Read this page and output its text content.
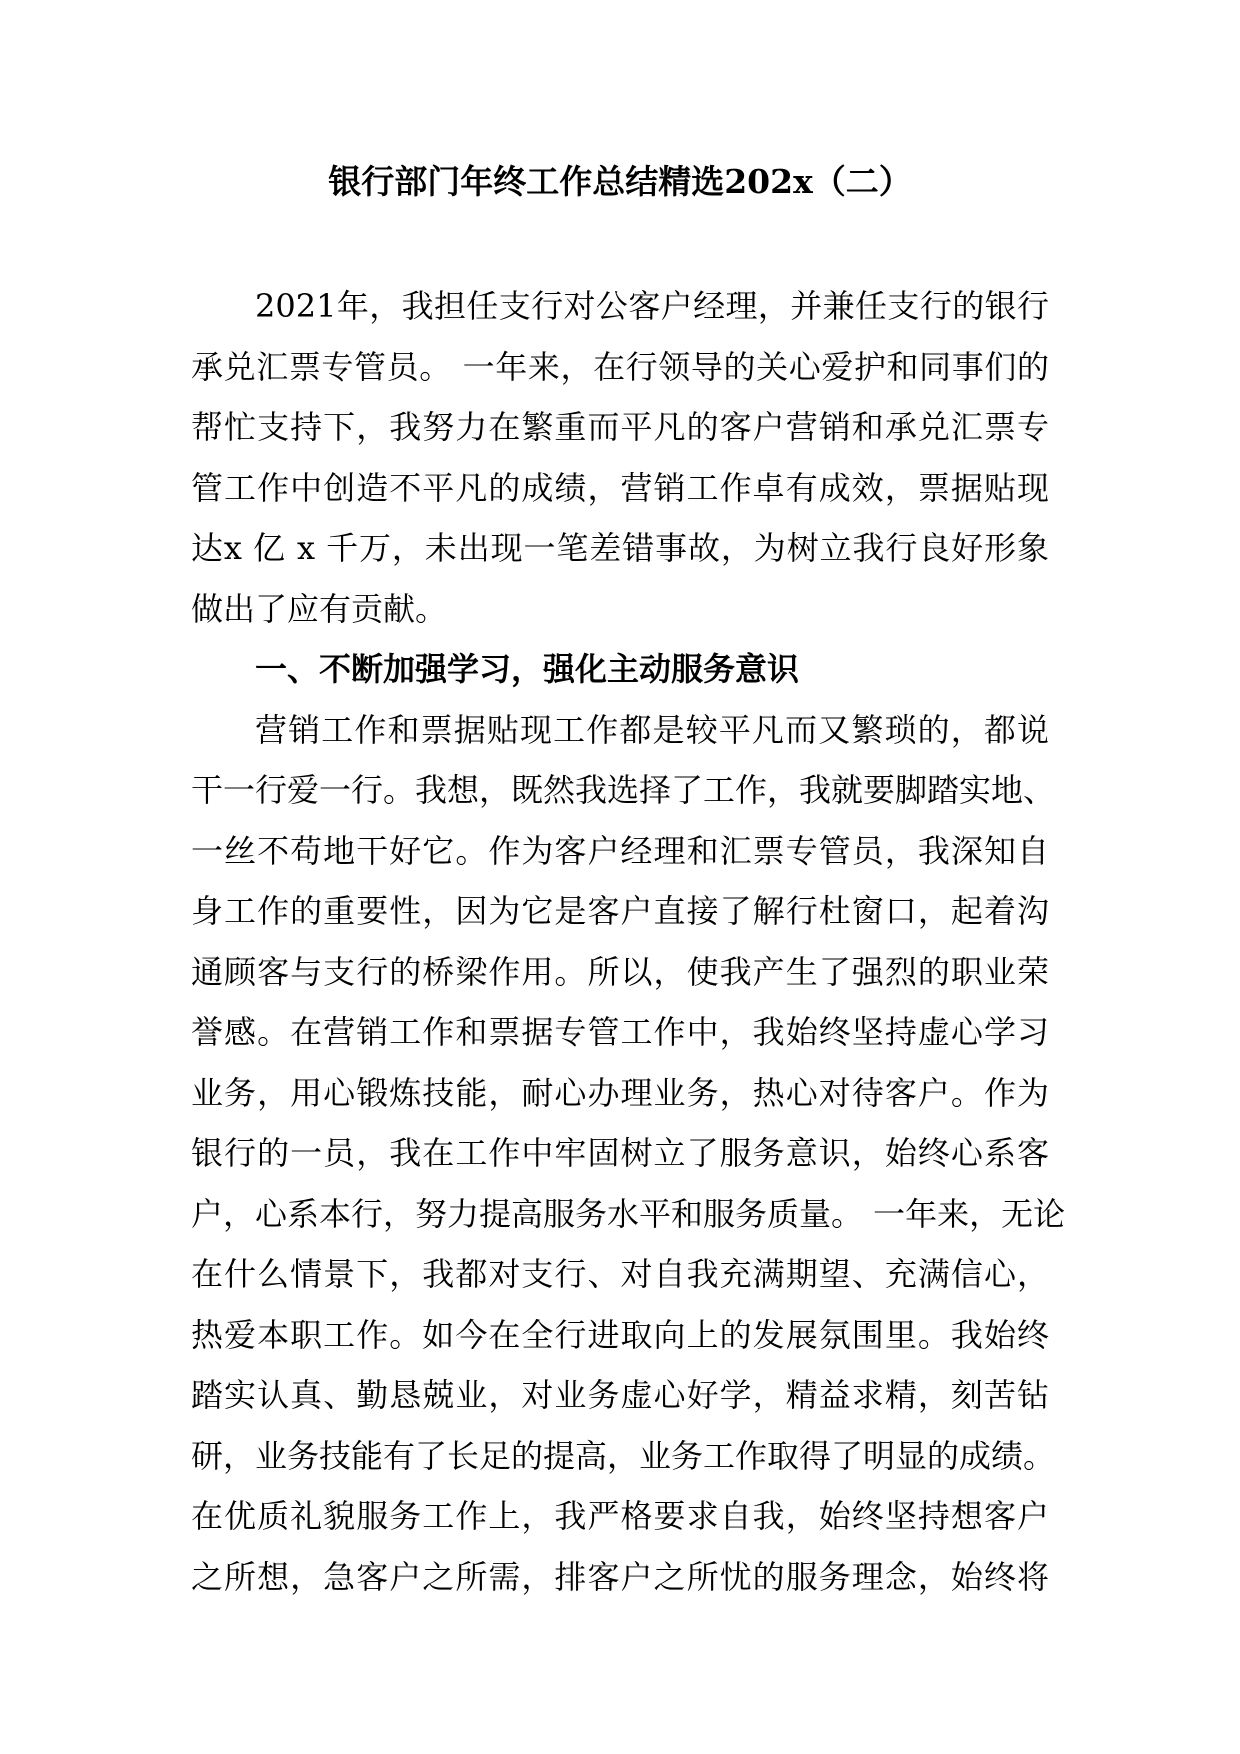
银行部门年终工作总结精选202x（二）
2021年，我担任支行对公客户经理，并兼任支行的银行
承兑汇票专管员。 一年来，在行领导的关心爱护和同事们的
帮忙支持下，我努力在繁重而平凡的客户营销和承兑汇票专
管工作中创造不平凡的成绩，营销工作卓有成效，票据贴现
达x 亿 x 千万，未出现一笔差错事故，为树立我行良好形象
做出了应有贡献。
一、不断加强学习，强化主动服务意识
营销工作和票据贴现工作都是较平凡而又繁琐的，都说
干一行爱一行。我想，既然我选择了工作，我就要脚踏实地、
一丝不苟地干好它。作为客户经理和汇票专管员，我深知自
身工作的重要性，因为它是客户直接了解行杜窗口，起着沟
通顾客与支行的桥梁作用。所以，使我产生了强烈的职业荣
誉感。在营销工作和票据专管工作中，我始终坚持虚心学习
业务，用心锻炼技能，耐心办理业务，热心对待客户。作为
银行的一员，我在工作中牢固树立了服务意识，始终心系客
户，心系本行，努力提高服务水平和服务质量。 一年来，无论
在什么情景下，我都对支行、对自我充满期望、充满信心，
热爱本职工作。如今在全行进取向上的发展氛围里。我始终
踏实认真、勤恳兢业，对业务虚心好学，精益求精，刻苦钻
研，业务技能有了长足的提高，业务工作取得了明显的成绩。
在优质礼貌服务工作上，我严格要求自我，始终坚持想客户
之所想，急客户之所需，排客户之所忧的服务理念，始终将
